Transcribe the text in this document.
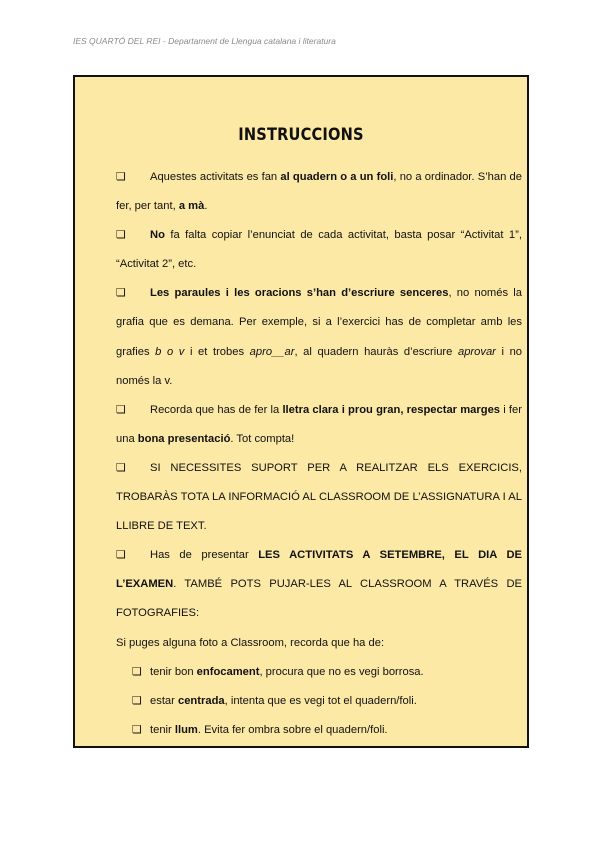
IES QUARTÓ DEL REI - Departament de Llengua catalana i literatura
INSTRUCCIONS

❏ Aquestes activitats es fan al quadern o a un foli, no a ordinador. S’han de fer, per tant, a mà.

❏ No fa falta copiar l’enunciat de cada activitat, basta posar “Activitat 1”, “Activitat 2”, etc.

❏ Les paraules i les oracions s’han d’escriure senceres, no només la grafia que es demana. Per exemple, si a l’exercici has de completar amb les grafies b o v i et trobes apro__ar, al quadern hauràs d’escriure aprovar i no només la v.

❏ Recorda que has de fer la lletra clara i prou gran, respectar marges i fer una bona presentació. Tot compta!

❏ SI NECESSITES SUPORT PER A REALITZAR ELS EXERCICIS, TROBARÀS TOTA LA INFORMACIÓ AL CLASSROOM DE L’ASSIGNATURA I AL LLIBRE DE TEXT.

❏ Has de presentar LES ACTIVITATS A SETEMBRE, EL DIA DE L’EXAMEN. TAMBÉ POTS PUJAR-LES AL CLASSROOM A TRAVÉS DE FOTOGRAFIES:

Si puges alguna foto a Classroom, recorda que ha de:

❏ tenir bon enfocament, procura que no es vegi borrosa.

❏ estar centrada, intenta que es vegi tot el quadern/foli.

❏ tenir llum. Evita fer ombra sobre el quadern/foli.
